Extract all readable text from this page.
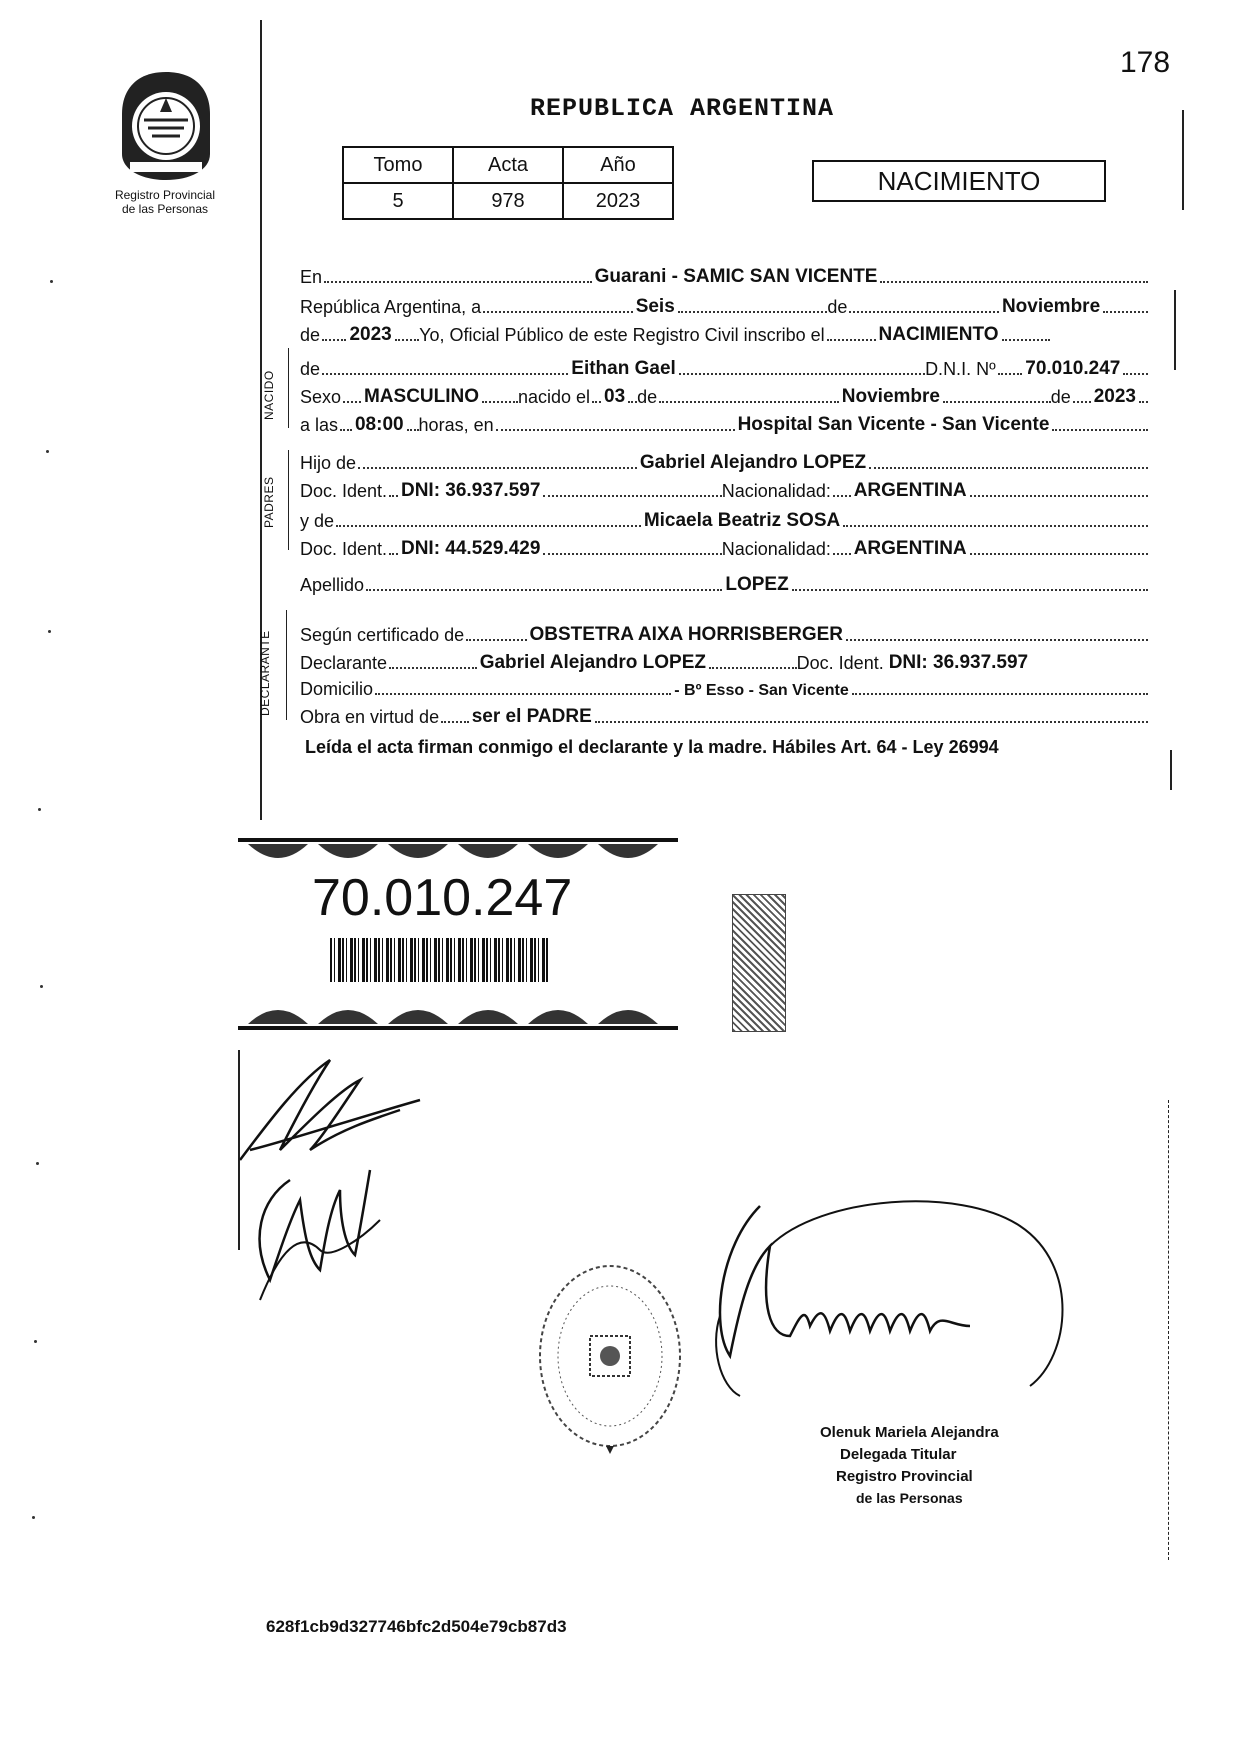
178
Registro Provincial
de las Personas
REPUBLICA ARGENTINA
Tomo	Acta	Año
5	978	2023
NACIMIENTO
NACIDO
PADRES
DECLARANTE
En	Guarani - SAMIC SAN VICENTE
República Argentina, a	Seis	de	Noviembre
de 2023 Yo, Oficial Público de este Registro Civil inscribo el	NACIMIENTO
de	Eithan Gael	D.N.I. Nº 70.010.247
Sexo MASCULINO nacido el 03 de	Noviembre	de 2023
a las 08:00 horas, en	Hospital San Vicente - San Vicente
Hijo de	Gabriel Alejandro LOPEZ
Doc. Ident. DNI: 36.937.597	Nacionalidad: ARGENTINA
y de	Micaela Beatriz SOSA
Doc. Ident. DNI: 44.529.429	Nacionalidad: ARGENTINA
Apellido	LOPEZ
Según certificado de	OBSTETRA AIXA HORRISBERGER
Declarante	Gabriel Alejandro LOPEZ	Doc. Ident. DNI: 36.937.597
Domicilio	- Bº Esso - San Vicente
Obra en virtud de ser el PADRE
Leída el acta firman conmigo el declarante y la madre. Hábiles Art. 64 - Ley 26994
70.010.247
Olenuk Mariela Alejandra
Delegada Titular
Registro Provincial
de las Personas
628f1cb9d327746bfc2d504e79cb87d3
